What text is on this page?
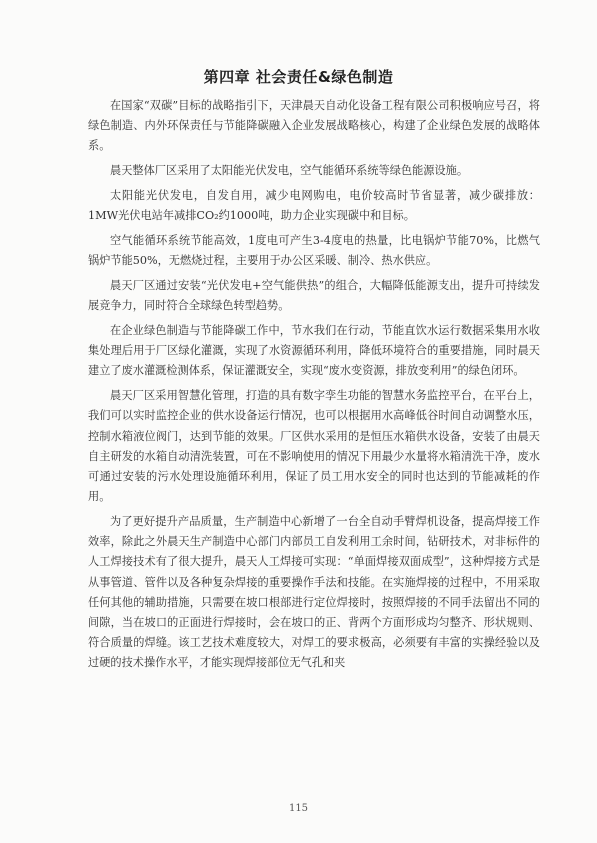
第四章 社会责任&绿色制造

在国家“双碳”目标的战略指引下，天津晨天自动化设备工程有限公司积极响应号召，将绿色制造、内外环保责任与节能降碳融入企业发展战略核心，构建了企业绿色发展的战略体系。

晨天整体厂区采用了太阳能光伏发电，空气能循环系统等绿色能源设施。

太阳能光伏发电，自发自用，减少电网购电，电价较高时节省显著，减少碳排放：1MW光伏电站年减排CO₂约1000吨，助力企业实现碳中和目标。

空气能循环系统节能高效，1度电可产生3-4度电的热量，比电锅炉节能70%，比燃气锅炉节能50%，无燃烧过程，主要用于办公区采暖、制冷、热水供应。

晨天厂区通过安装“光伏发电+空气能供热”的组合，大幅降低能源支出，提升可持续发展竞争力，同时符合全球绿色转型趋势。

在企业绿色制造与节能降碳工作中，节水我们在行动，节能直饮水运行数据采集用水收集处理后用于厂区绿化灌溉，实现了水资源循环利用，降低环境符合的重要措施，同时晨天建立了废水灌溉检测体系，保证灌溉安全，实现“废水变资源，排放变利用”的绿色闭环。

晨天厂区采用智慧化管理，打造的具有数字孪生功能的智慧水务监控平台，在平台上，我们可以实时监控企业的供水设备运行情况，也可以根据用水高峰低谷时间自动调整水压，控制水箱液位阀门，达到节能的效果。厂区供水采用的是恒压水箱供水设备，安装了由晨天自主研发的水箱自动清洗装置，可在不影响使用的情况下用最少水量将水箱清洗干净，废水可通过安装的污水处理设施循环利用，保证了员工用水安全的同时也达到的节能减耗的作用。

为了更好提升产品质量，生产制造中心新增了一台全自动手臂焊机设备，提高焊接工作效率，除此之外晨天生产制造中心部门内部员工自发利用工余时间，钻研技术，对非标件的人工焊接技术有了很大提升，晨天人工焊接可实现：“单面焊接双面成型”，这种焊接方式是从事管道、管件以及各种复杂焊接的重要操作手法和技能。在实施焊接的过程中，不用采取任何其他的辅助措施，只需要在坡口根部进行定位焊接时，按照焊接的不同手法留出不同的间隙，当在坡口的正面进行焊接时，会在坡口的正、背两个方面形成均匀整齐、形状规则、符合质量的焊缝。该工艺技术难度较大，对焊工的要求极高，必须要有丰富的实操经验以及过硬的技术操作水平，才能实现焊接部位无气孔和夹

115
